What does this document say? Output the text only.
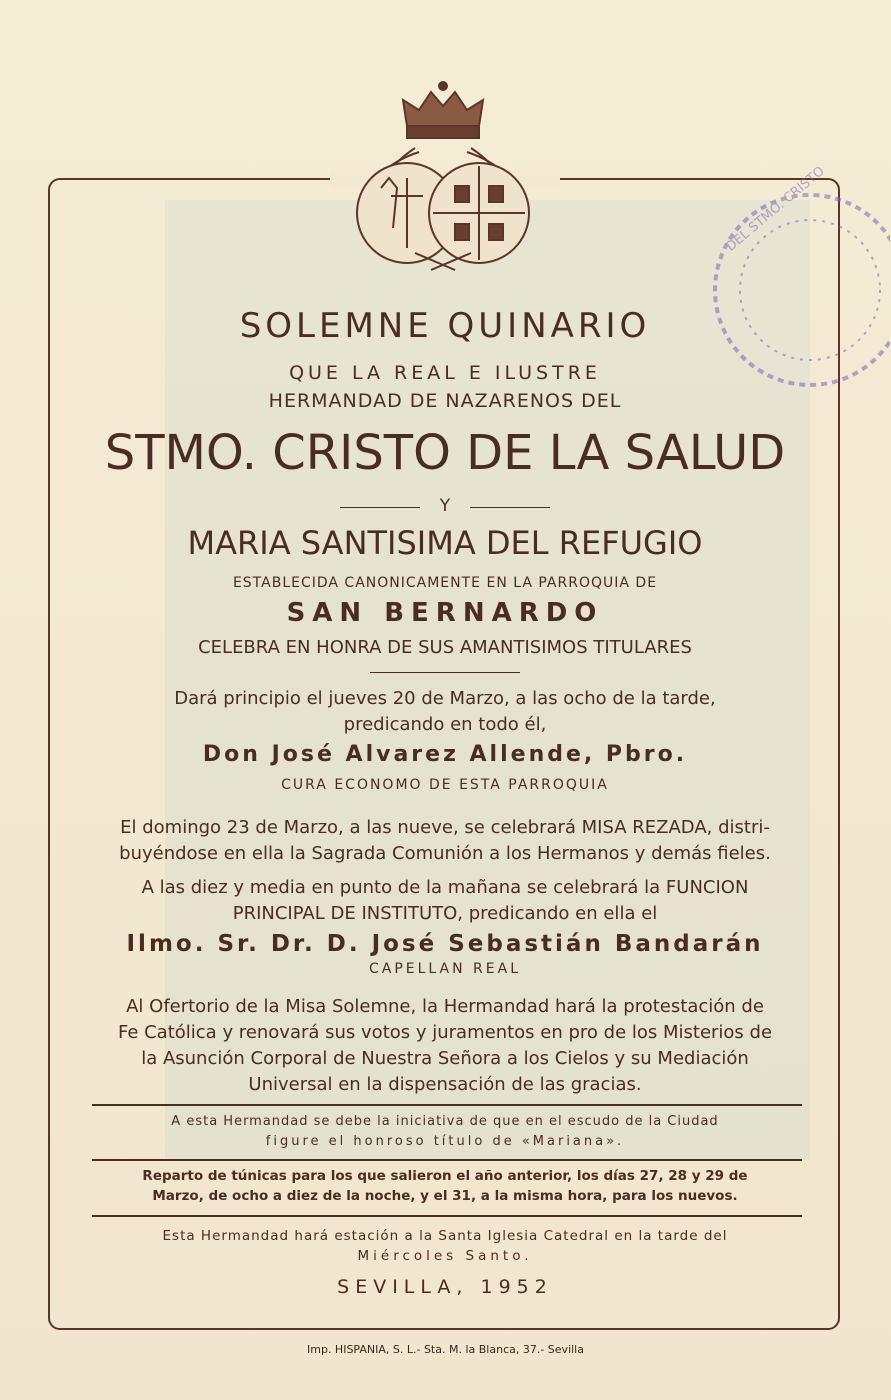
DEL STMO. CRISTO
SOLEMNE QUINARIO
QUE LA REAL E ILUSTRE
HERMANDAD DE NAZARENOS DEL
STMO. CRISTO DE LA SALUD
Y
MARIA SANTISIMA DEL REFUGIO
ESTABLECIDA CANONICAMENTE EN LA PARROQUIA DE
SAN BERNARDO
CELEBRA EN HONRA DE SUS AMANTISIMOS TITULARES
Dará principio el jueves 20 de Marzo, a las ocho de la tarde,
predicando en todo él,
Don José Alvarez Allende, Pbro.
CURA ECONOMO DE ESTA PARROQUIA
El domingo 23 de Marzo, a las nueve, se celebrará MISA REZADA, distri-
buyéndose en ella la Sagrada Comunión a los Hermanos y demás fieles.
A las diez y media en punto de la mañana se celebrará la FUNCION
PRINCIPAL DE INSTITUTO, predicando en ella el
Ilmo. Sr. Dr. D. José Sebastián Bandarán
CAPELLAN REAL
Al Ofertorio de la Misa Solemne, la Hermandad hará la protestación de
Fe Católica y renovará sus votos y juramentos en pro de los Misterios de
la Asunción Corporal de Nuestra Señora a los Cielos y su Mediación
Universal en la dispensación de las gracias.
A esta Hermandad se debe la iniciativa de que en el escudo de la Ciudad
figure el honroso título de «Mariana».
Reparto de túnicas para los que salieron el año anterior, los días 27, 28 y 29 de
Marzo, de ocho a diez de la noche, y el 31, a la misma hora, para los nuevos.
Esta Hermandad hará estación a la Santa Iglesia Catedral en la tarde del
Miércoles Santo.
SEVILLA, 1952
Imp. HISPANIA, S. L.- Sta. M. la Blanca, 37.- Sevilla
